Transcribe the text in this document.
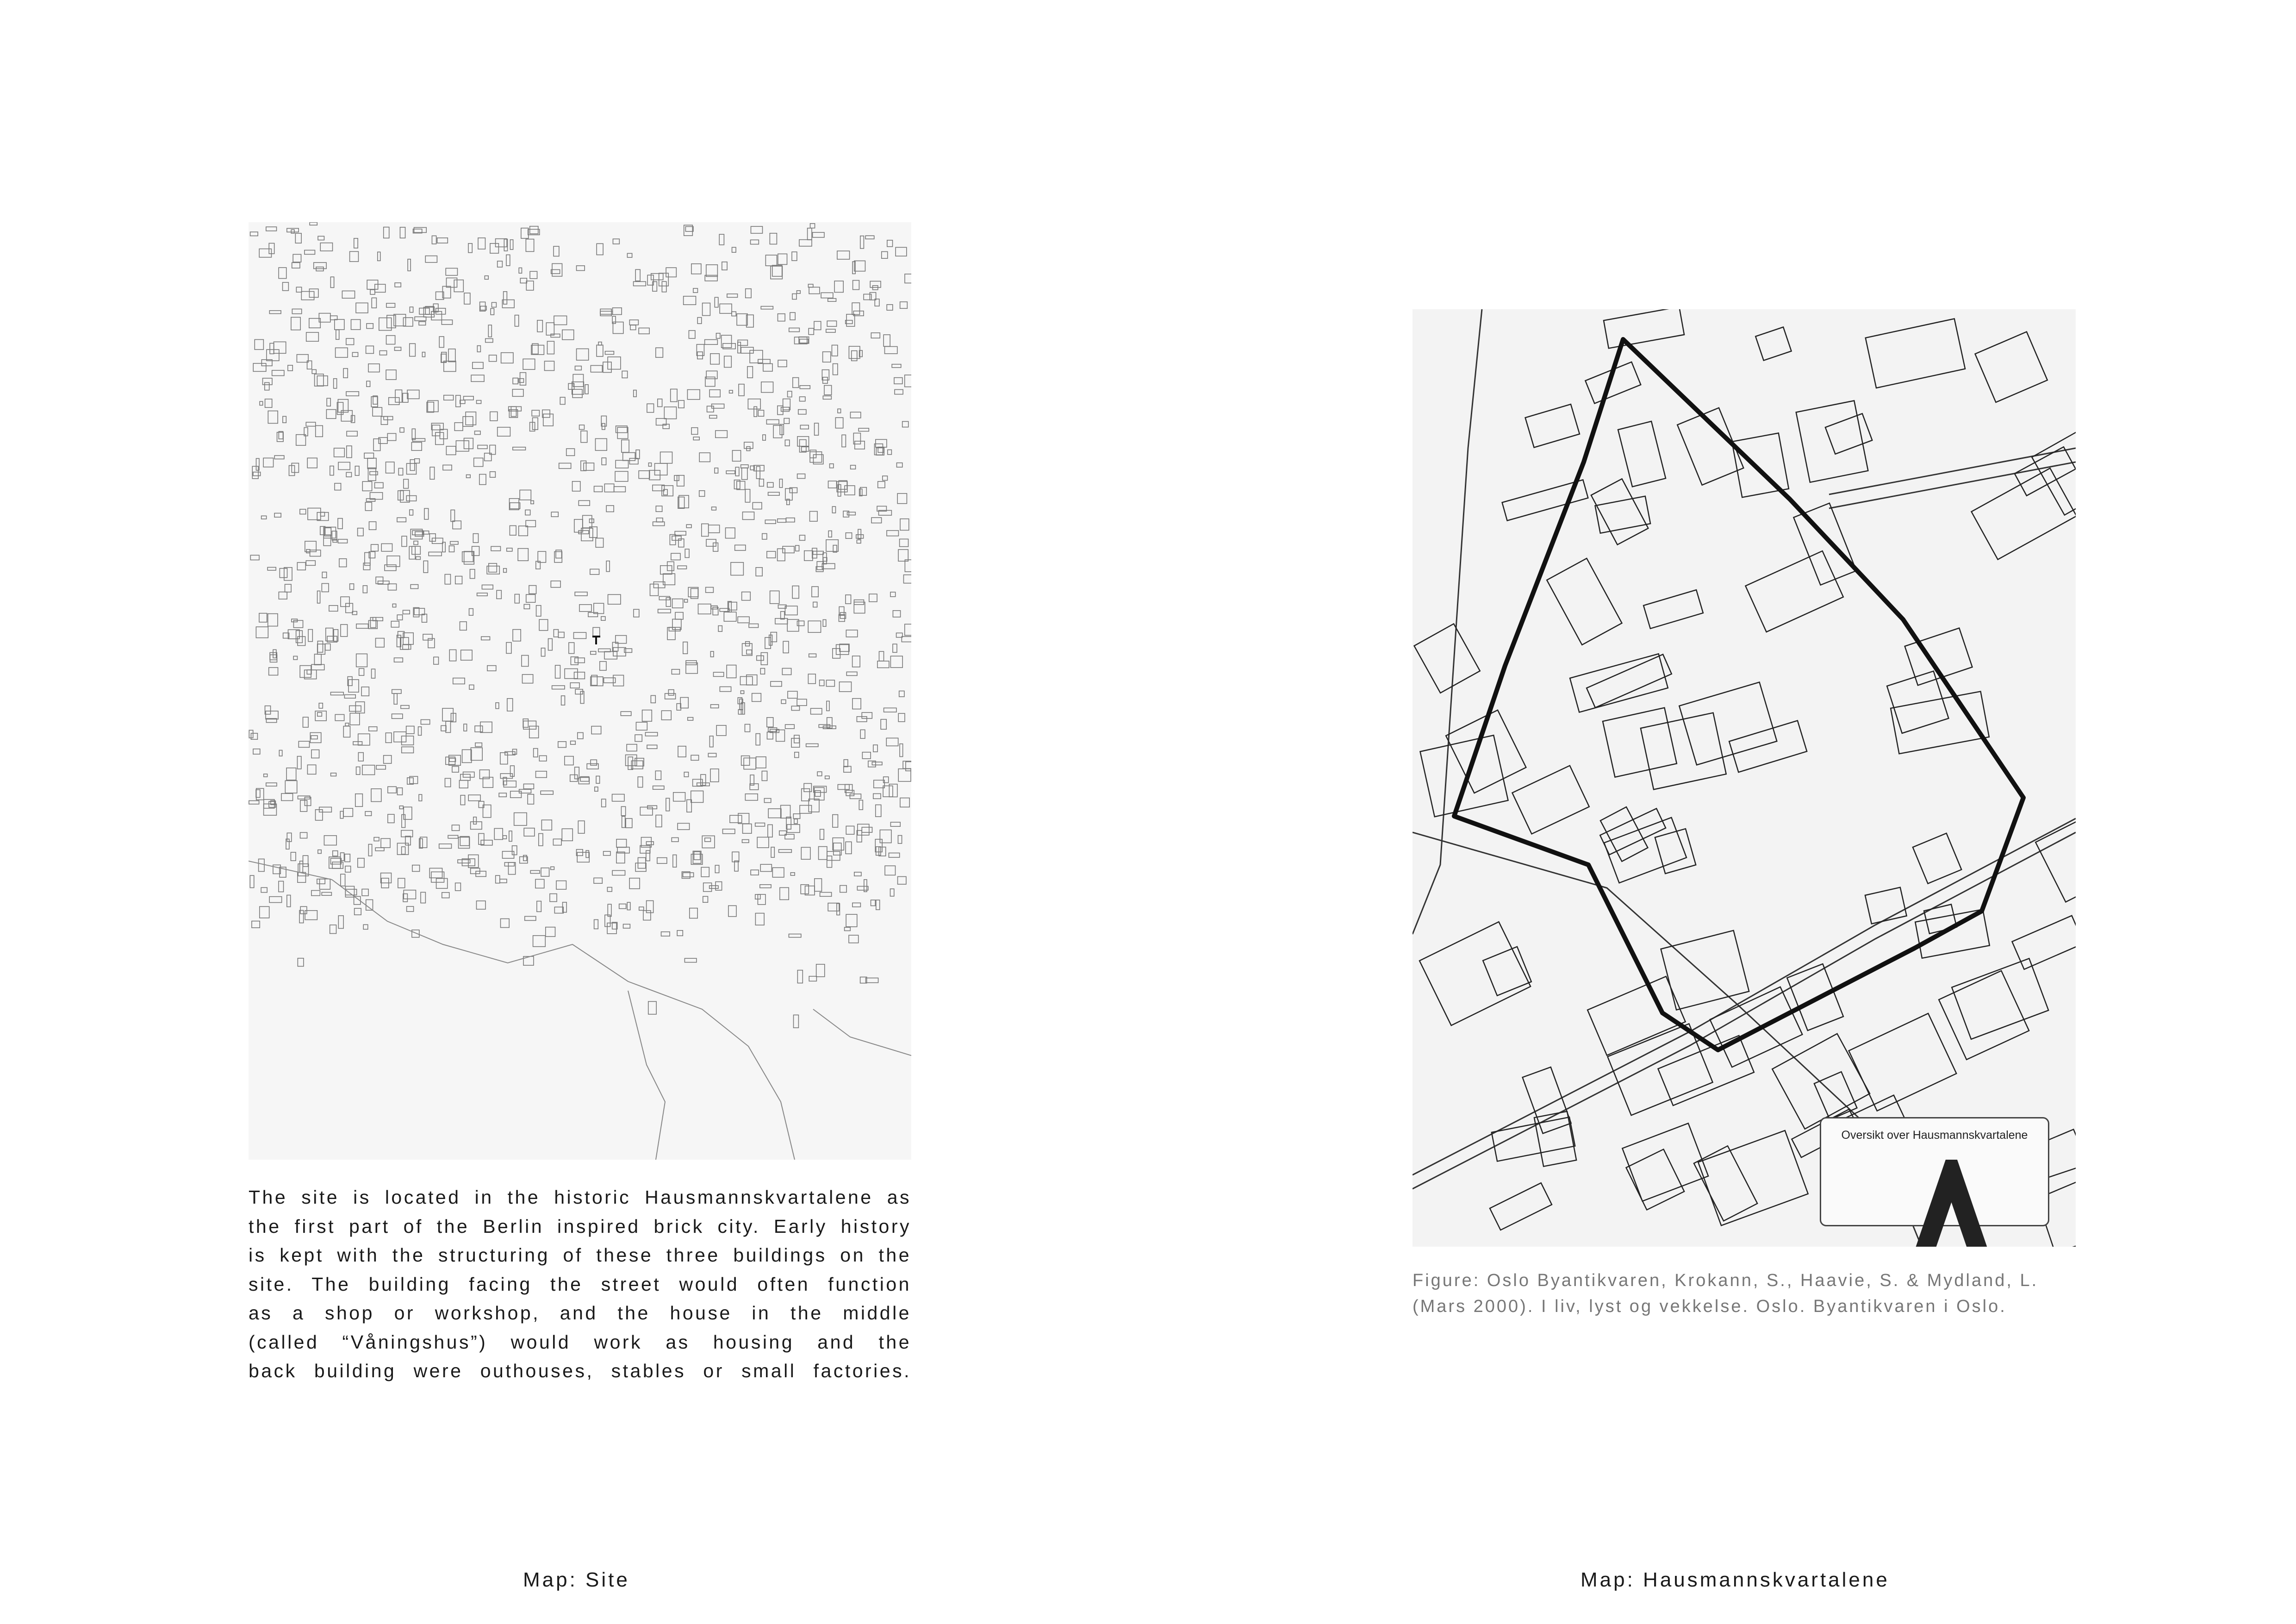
The site is located in the historic Hausmannskvartalene as
the first part of the Berlin inspired brick city. Early history
is kept with the structuring of these three buildings on the
site. The building facing the street would often function
as a shop or workshop, and the house in the middle
(called “Våningshus”) would work as housing and the
back building were outhouses, stables or small factories.
Map: Site
Oversikt over Hausmannskvartalene
Figure: Oslo Byantikvaren, Krokann, S., Haavie, S. & Mydland, L.
(Mars 2000). I liv, lyst og vekkelse. Oslo. Byantikvaren i Oslo.
Map: Hausmannskvartalene
